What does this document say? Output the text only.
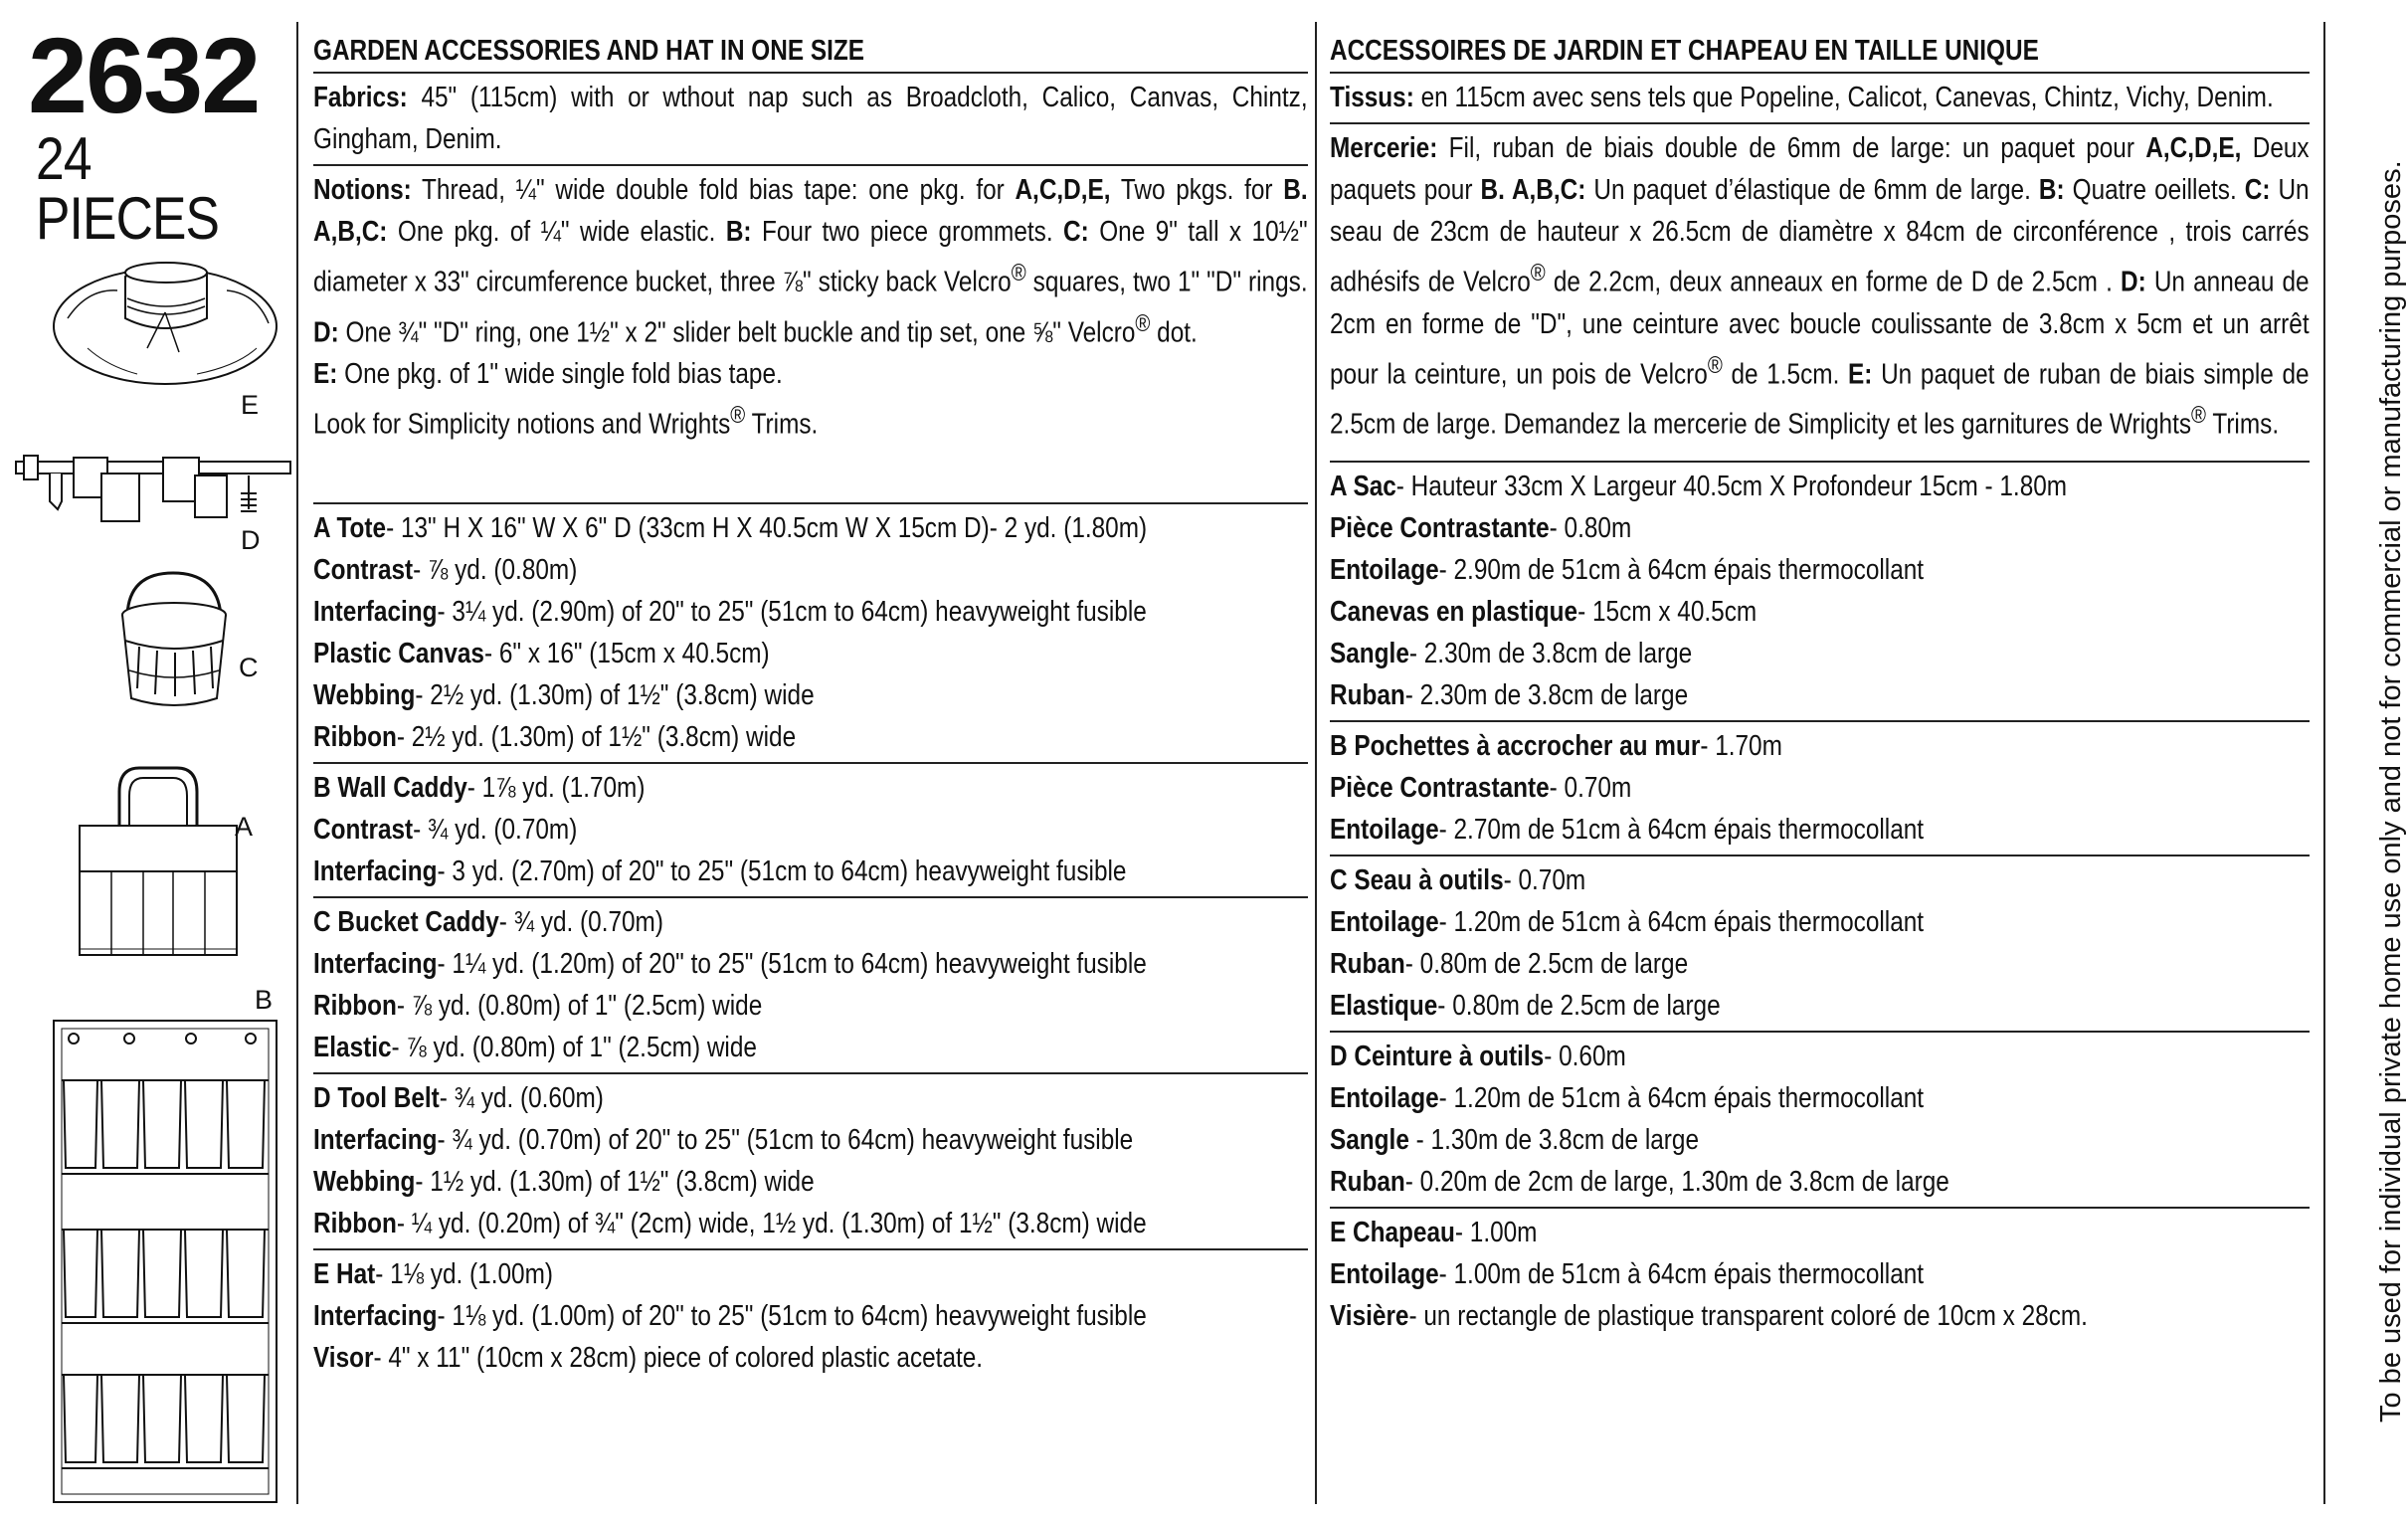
2632
24 PIECES
E
D
C
A
B
GARDEN ACCESSORIES AND HAT IN ONE SIZE

Fabrics: 45" (115cm) with or wthout nap such as Broadcloth, Calico, Canvas, Chintz, Gingham, Denim.

Notions: Thread, ¼" wide double fold bias tape: one pkg. for A,C,D,E, Two pkgs. for B. A,B,C: One pkg. of ¼" wide elastic. B: Four two piece grommets. C: One 9" tall x 10½" diameter x 33" circumference bucket, three ⅞" sticky back Velcro® squares, two 1" "D" rings. D: One ¾" "D" ring, one 1½" x 2" slider belt buckle and tip set, one ⅝" Velcro® dot.
E: One pkg. of 1" wide single fold bias tape.
Look for Simplicity notions and Wrights® Trims.

A Tote- 13" H X 16" W X 6" D (33cm H X 40.5cm W X 15cm D)- 2 yd. (1.80m)
Contrast- ⅞ yd. (0.80m)
Interfacing- 3¼ yd. (2.90m) of 20" to 25" (51cm to 64cm) heavyweight fusible
Plastic Canvas- 6" x 16" (15cm x 40.5cm)
Webbing- 2½ yd. (1.30m) of 1½" (3.8cm) wide
Ribbon- 2½ yd. (1.30m) of 1½" (3.8cm) wide
B Wall Caddy- 1⅞ yd. (1.70m)
Contrast- ¾ yd. (0.70m)
Interfacing- 3 yd. (2.70m) of 20" to 25" (51cm to 64cm) heavyweight fusible
C Bucket Caddy- ¾ yd. (0.70m)
Interfacing- 1¼ yd. (1.20m) of 20" to 25" (51cm to 64cm) heavyweight fusible
Ribbon- ⅞ yd. (0.80m) of 1" (2.5cm) wide
Elastic- ⅞ yd. (0.80m) of 1" (2.5cm) wide
D Tool Belt- ¾ yd. (0.60m)
Interfacing- ¾ yd. (0.70m) of 20" to 25" (51cm to 64cm) heavyweight fusible
Webbing- 1½ yd. (1.30m) of 1½" (3.8cm) wide
Ribbon- ¼ yd. (0.20m) of ¾" (2cm) wide, 1½ yd. (1.30m) of 1½" (3.8cm) wide
E Hat- 1⅛ yd. (1.00m)
Interfacing- 1⅛ yd. (1.00m) of 20" to 25" (51cm to 64cm) heavyweight fusible
Visor- 4" x 11" (10cm x 28cm) piece of colored plastic acetate.
ACCESSOIRES DE JARDIN ET CHAPEAU EN TAILLE UNIQUE

Tissus: en 115cm avec sens tels que Popeline, Calicot, Canevas, Chintz, Vichy, Denim.

Mercerie: Fil, ruban de biais double de 6mm de large: un paquet pour A,C,D,E, Deux paquets pour B. A,B,C: Un paquet d’élastique de 6mm de large. B: Quatre oeillets. C: Un seau de 23cm de hauteur x 26.5cm de diamètre x 84cm de circonférence , trois carrés adhésifs de Velcro® de 2.2cm, deux anneaux en forme de D de 2.5cm . D: Un anneau de 2cm en forme de "D", une ceinture avec boucle coulissante de 3.8cm x 5cm et un arrêt pour la ceinture, un pois de Velcro® de 1.5cm. E: Un paquet de ruban de biais simple de 2.5cm de large. Demandez la mercerie de Simplicity et les garnitures de Wrights® Trims.

A Sac- Hauteur 33cm X Largeur 40.5cm X Profondeur 15cm - 1.80m
Pièce Contrastante- 0.80m
Entoilage- 2.90m de 51cm à 64cm épais thermocollant
Canevas en plastique- 15cm x 40.5cm
Sangle- 2.30m de 3.8cm de large
Ruban- 2.30m de 3.8cm de large
B Pochettes à accrocher au mur- 1.70m
Pièce Contrastante- 0.70m
Entoilage- 2.70m de 51cm à 64cm épais thermocollant
C Seau à outils- 0.70m
Entoilage- 1.20m de 51cm à 64cm épais thermocollant
Ruban- 0.80m de 2.5cm de large
Elastique- 0.80m de 2.5cm de large
D Ceinture à outils- 0.60m
Entoilage- 1.20m de 51cm à 64cm épais thermocollant
Sangle - 1.30m de 3.8cm de large
Ruban- 0.20m de 2cm de large, 1.30m de 3.8cm de large
E Chapeau- 1.00m
Entoilage- 1.00m de 51cm à 64cm épais thermocollant
Visière- un rectangle de plastique transparent coloré de 10cm x 28cm.	To be used for individual private home use only and not for commercial or manufacturing purposes.
